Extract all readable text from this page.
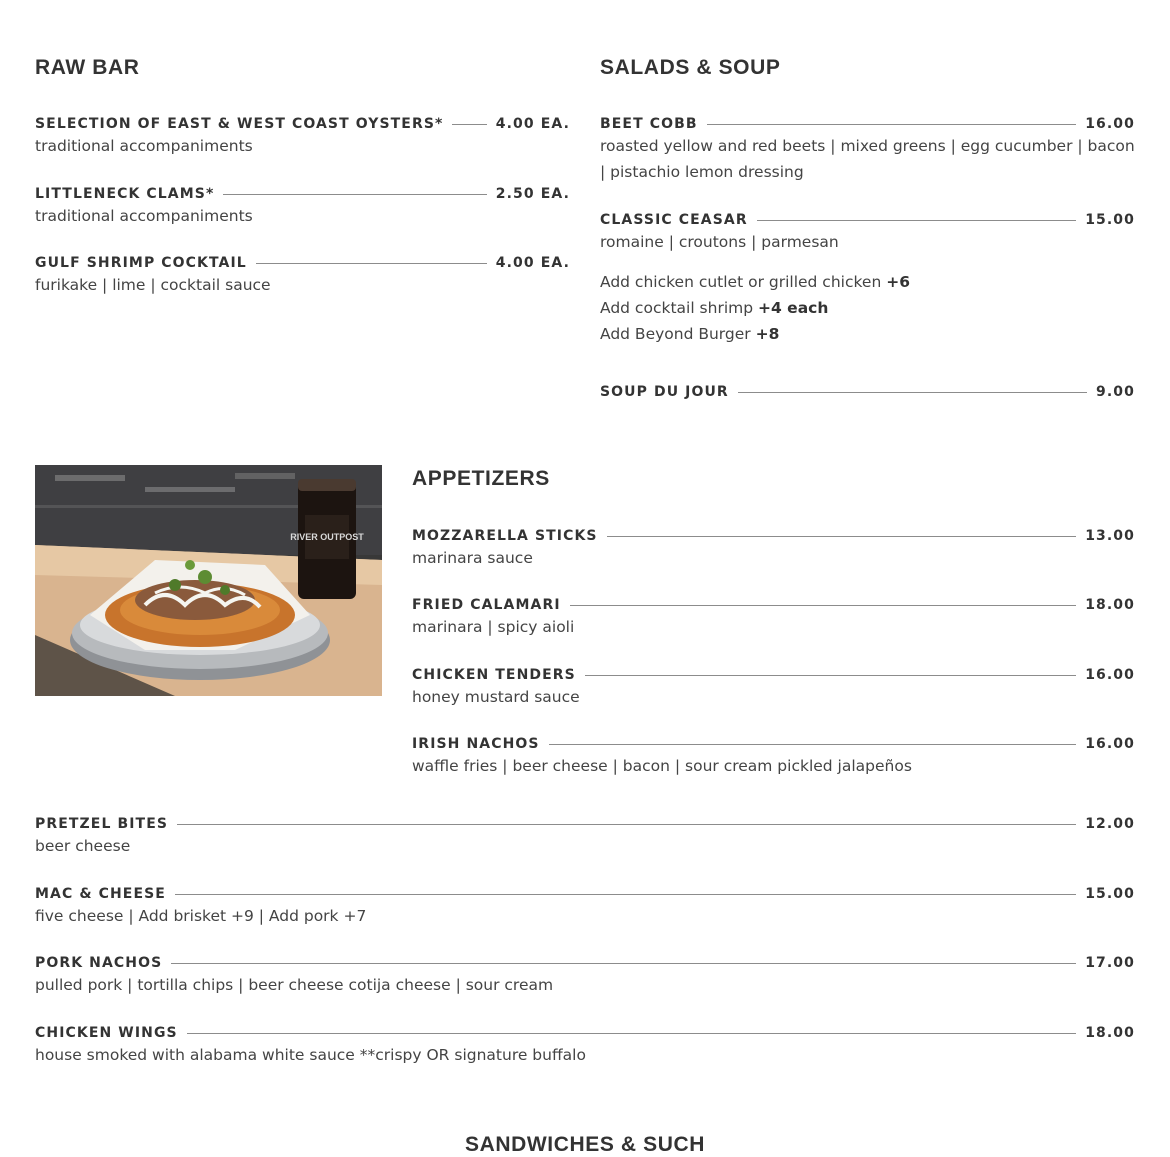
RAW BAR
SELECTION OF EAST & WEST COAST OYSTERS*	4.00 EA.
traditional accompaniments
LITTLENECK CLAMS*	2.50 EA.
traditional accompaniments
GULF SHRIMP COCKTAIL	4.00 EA.
furikake | lime | cocktail sauce
SALADS & SOUP
BEET COBB	16.00
roasted yellow and red beets | mixed greens | egg cucumber | bacon | pistachio lemon dressing
CLASSIC CEASAR	15.00
romaine | croutons | parmesan
Add chicken cutlet or grilled chicken +6
Add cocktail shrimp +4 each
Add Beyond Burger +8
SOUP DU JOUR	9.00
RIVER OUTPOST
APPETIZERS
MOZZARELLA STICKS	13.00
marinara sauce
FRIED CALAMARI	18.00
marinara | spicy aioli
CHICKEN TENDERS	16.00
honey mustard sauce
IRISH NACHOS	16.00
waffle fries | beer cheese | bacon | sour cream pickled jalapeños
PRETZEL BITES	12.00
beer cheese
MAC & CHEESE	15.00
five cheese | Add brisket +9 | Add pork +7
PORK NACHOS	17.00
pulled pork | tortilla chips | beer cheese cotija cheese | sour cream
CHICKEN WINGS	18.00
house smoked with alabama white sauce **crispy OR signature buffalo
SANDWICHES & SUCH
